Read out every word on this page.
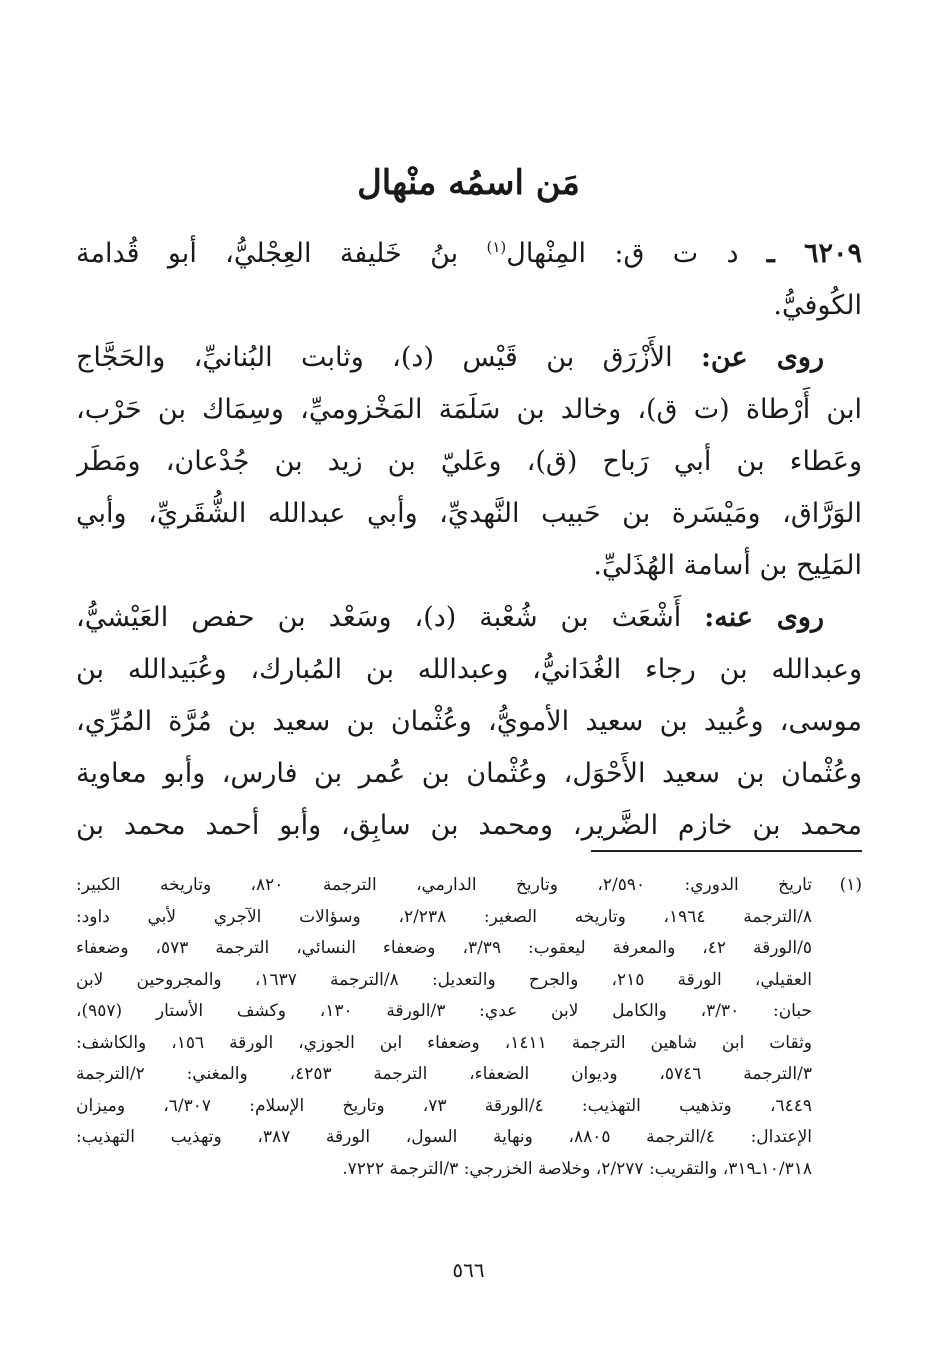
مَن اسمُه منْهال
٦٢٠٩ ـ د ت ق: المِنْهال$^{(١)}$ بنُ خَليفة العِجْليُّ، أبو قُدامة
الكُوفيُّ.
روى عن: الأَزْرَق بن قَيْس (د)، وثابت البُنانيِّ، والحَجَّاج
ابن أَرْطاة (ت ق)، وخالد بن سَلَمَة المَخْزوميِّ، وسِمَاك بن حَرْب،
وعَطاء بن أبي رَباح (ق)، وعَليّ بن زيد بن جُدْعان، ومَطَر
الوَرَّاق، ومَيْسَرة بن حَبيب النَّهديِّ، وأبي عبدالله الشُّقَريِّ، وأبي
المَلِيح بن أسامة الهُذَليِّ.
روى عنه: أَشْعَث بن شُعْبة (د)، وسَعْد بن حفص العَيْشيُّ،
وعبدالله بن رجاء الغُدَانيُّ، وعبدالله بن المُبارك، وعُبَيدالله بن
موسى، وعُبيد بن سعيد الأمويُّ، وعُثْمان بن سعيد بن مُرَّة المُرِّي،
وعُثْمان بن سعيد الأَحْوَل، وعُثْمان بن عُمر بن فارس، وأبو معاوية
محمد بن خازم الضَّرير، ومحمد بن سابِق، وأبو أحمد محمد بن
(١)تاريخ الدوري: ٢/٥٩٠، وتاريخ الدارمي، الترجمة ٨٢٠، وتاريخه الكبير:
٨/الترجمة ١٩٦٤، وتاريخه الصغير: ٢/٢٣٨، وسؤالات الآجري لأبي داود:
٥/الورقة ٤٢، والمعرفة ليعقوب: ٣/٣٩، وضعفاء النسائي، الترجمة ٥٧٣، وضعفاء
العقيلي، الورقة ٢١٥، والجرح والتعديل: ٨/الترجمة ١٦٣٧، والمجروحين لابن
حبان: ٣/٣٠، والكامل لابن عدي: ٣/الورقة ١٣٠، وكشف الأستار (٩٥٧)،
وثقات ابن شاهين الترجمة ١٤١١، وضعفاء ابن الجوزي، الورقة ١٥٦، والكاشف:
٣/الترجمة ٥٧٤٦، وديوان الضعفاء، الترجمة ٤٢٥٣، والمغني: ٢/الترجمة
٦٤٤٩، وتذهيب التهذيب: ٤/الورقة ٧٣، وتاريخ الإسلام: ٦/٣٠٧، وميزان
الإعتدال: ٤/الترجمة ٨٨٠٥، ونهاية السول، الورقة ٣٨٧، وتهذيب التهذيب:
١٠/٣١٨ـ٣١٩، والتقريب: ٢/٢٧٧، وخلاصة الخزرجي: ٣/الترجمة ٧٢٢٢.
٥٦٦
